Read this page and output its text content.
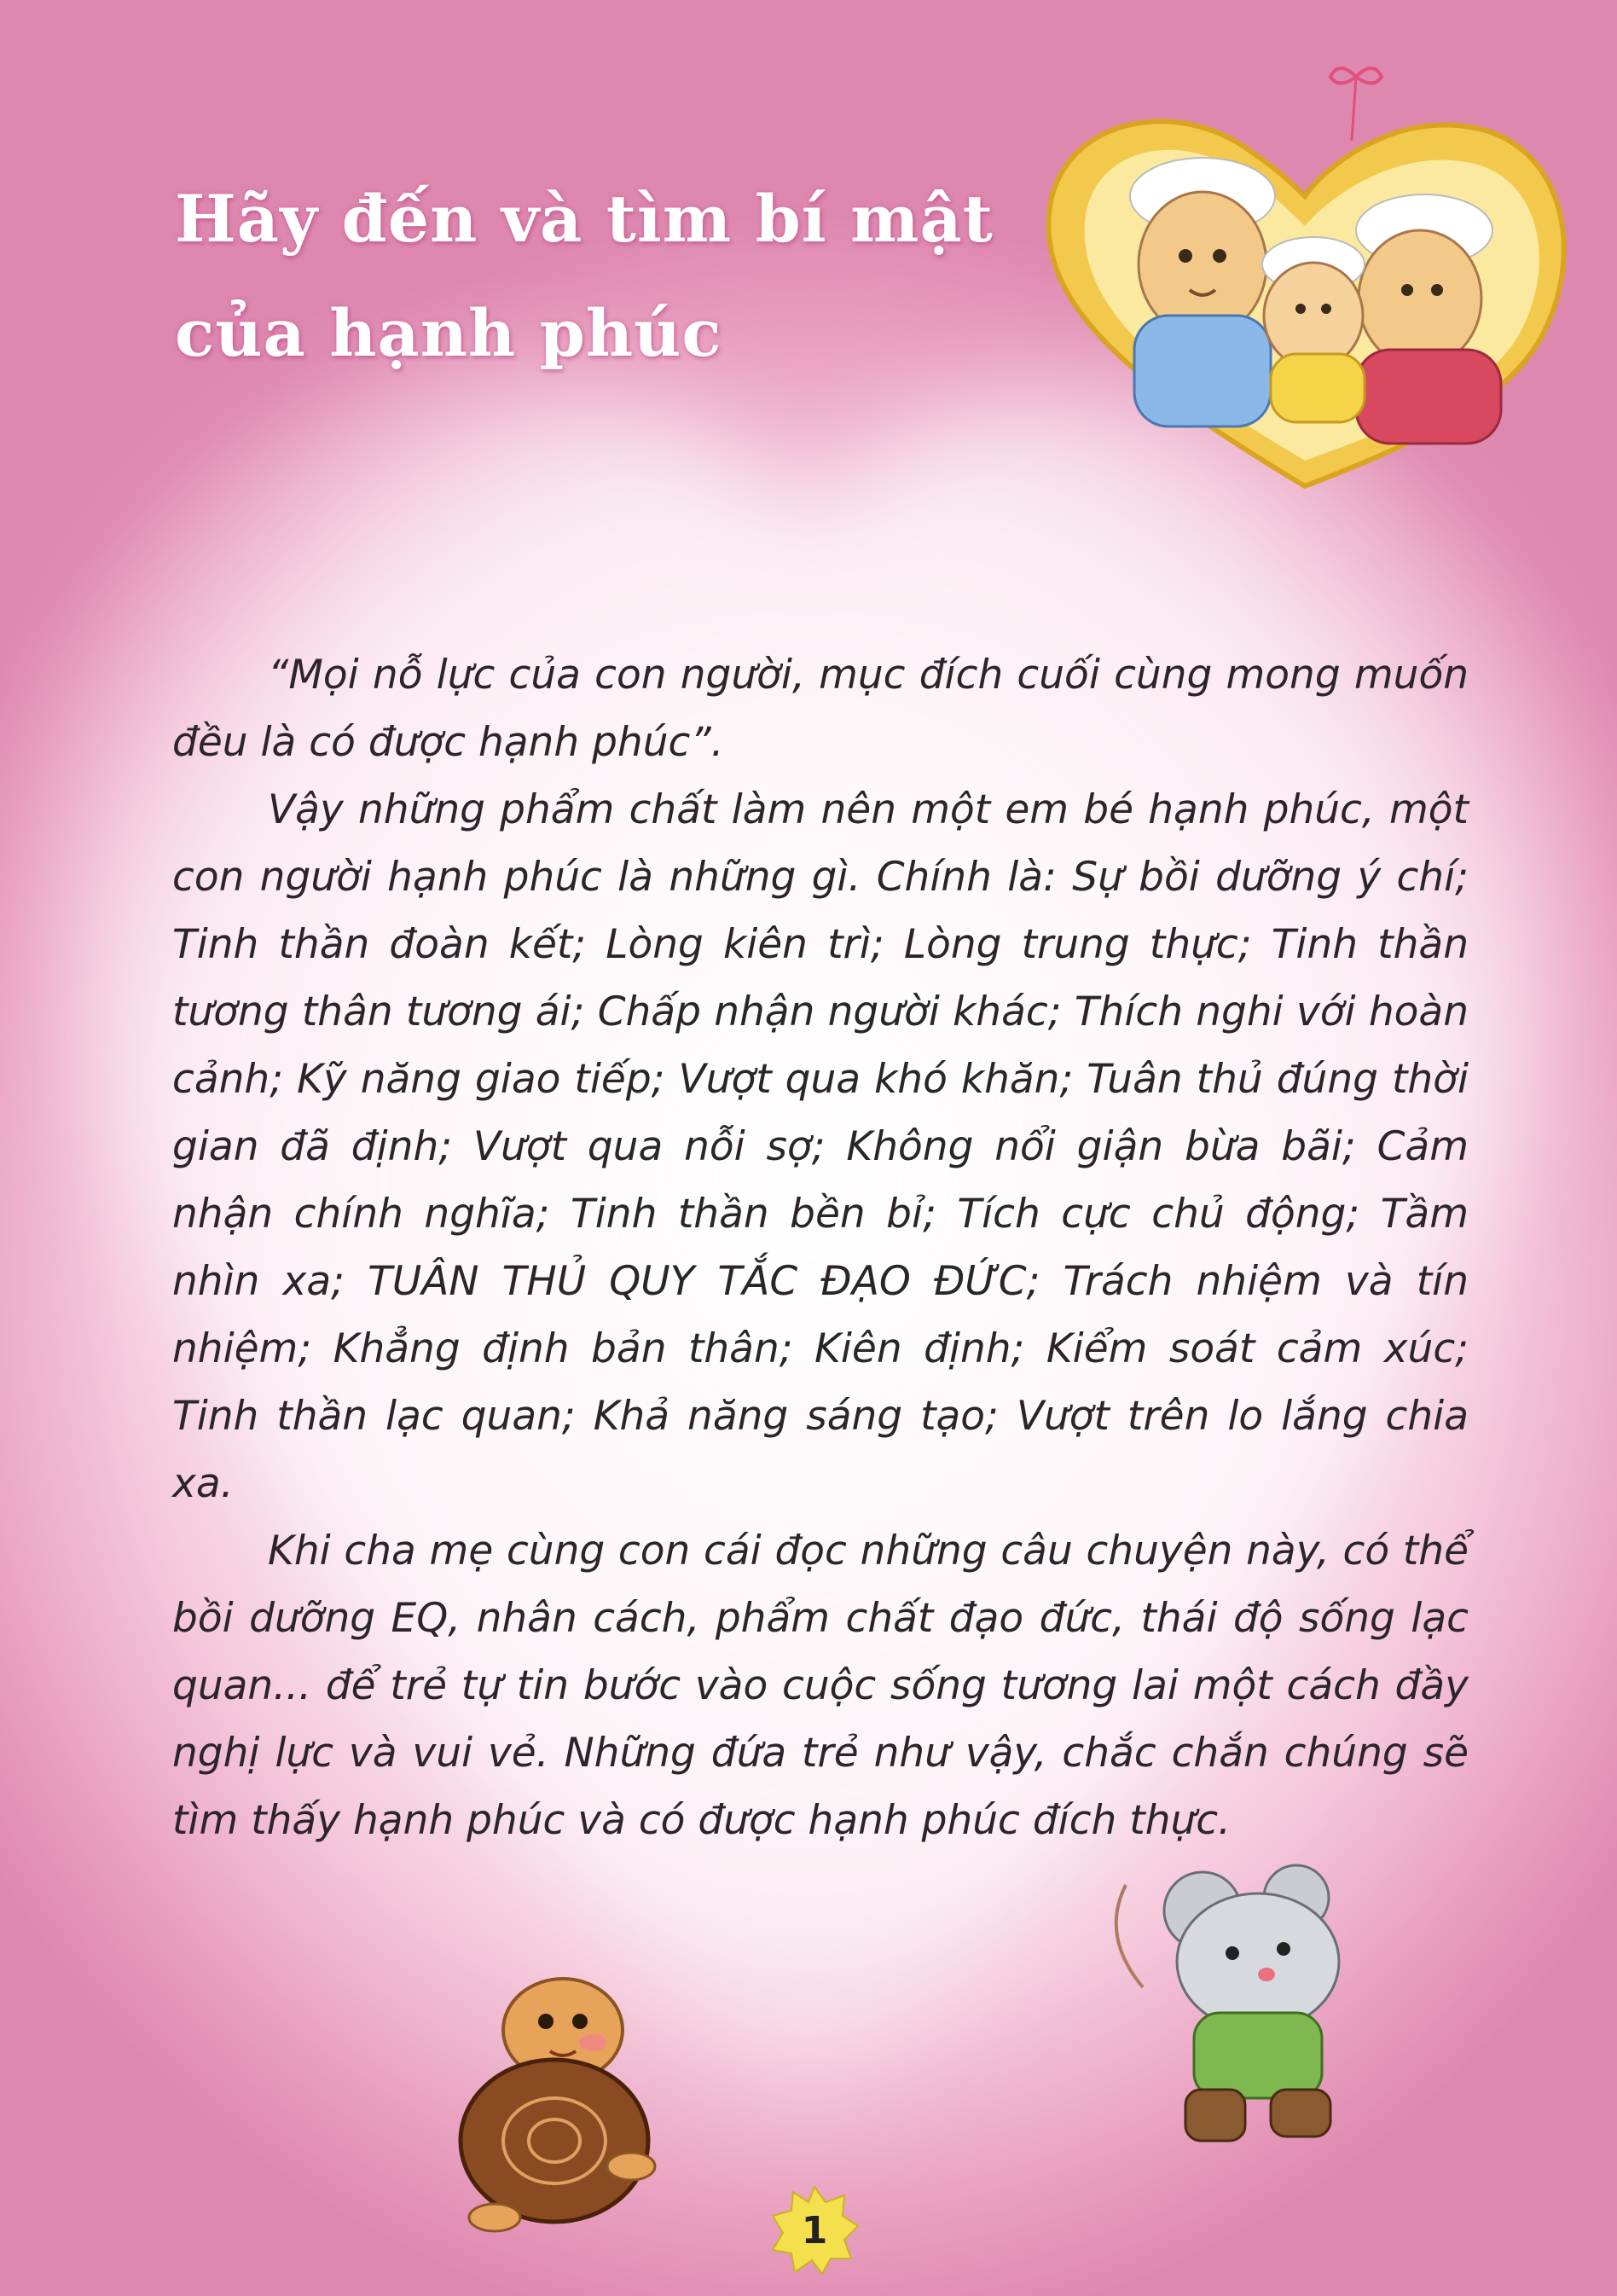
Hãy đến và tìm bí mật
của hạnh phúc

“Mọi nỗ lực của con người, mục đích cuối cùng mong muốn đều là có được hạnh phúc”.

Vậy những phẩm chất làm nên một em bé hạnh phúc, một con người hạnh phúc là những gì. Chính là: Sự bồi dưỡng ý chí; Tinh thần đoàn kết; Lòng kiên trì; Lòng trung thực; Tinh thần tương thân tương ái; Chấp nhận người khác; Thích nghi với hoàn cảnh; Kỹ năng giao tiếp; Vượt qua khó khăn; Tuân thủ đúng thời gian đã định; Vượt qua nỗi sợ; Không nổi giận bừa bãi; Cảm nhận chính nghĩa; Tinh thần bền bỉ; Tích cực chủ động; Tầm nhìn xa; TUÂN THỦ QUY TẮC ĐẠO ĐỨC; Trách nhiệm và tín nhiệm; Khẳng định bản thân; Kiên định; Kiểm soát cảm xúc; Tinh thần lạc quan; Khả năng sáng tạo; Vượt trên lo lắng chia xa.

Khi cha mẹ cùng con cái đọc những câu chuyện này, có thể bồi dưỡng EQ, nhân cách, phẩm chất đạo đức, thái độ sống lạc quan... để trẻ tự tin bước vào cuộc sống tương lai một cách đầy nghị lực và vui vẻ. Những đứa trẻ như vậy, chắc chắn chúng sẽ tìm thấy hạnh phúc và có được hạnh phúc đích thực.

1
